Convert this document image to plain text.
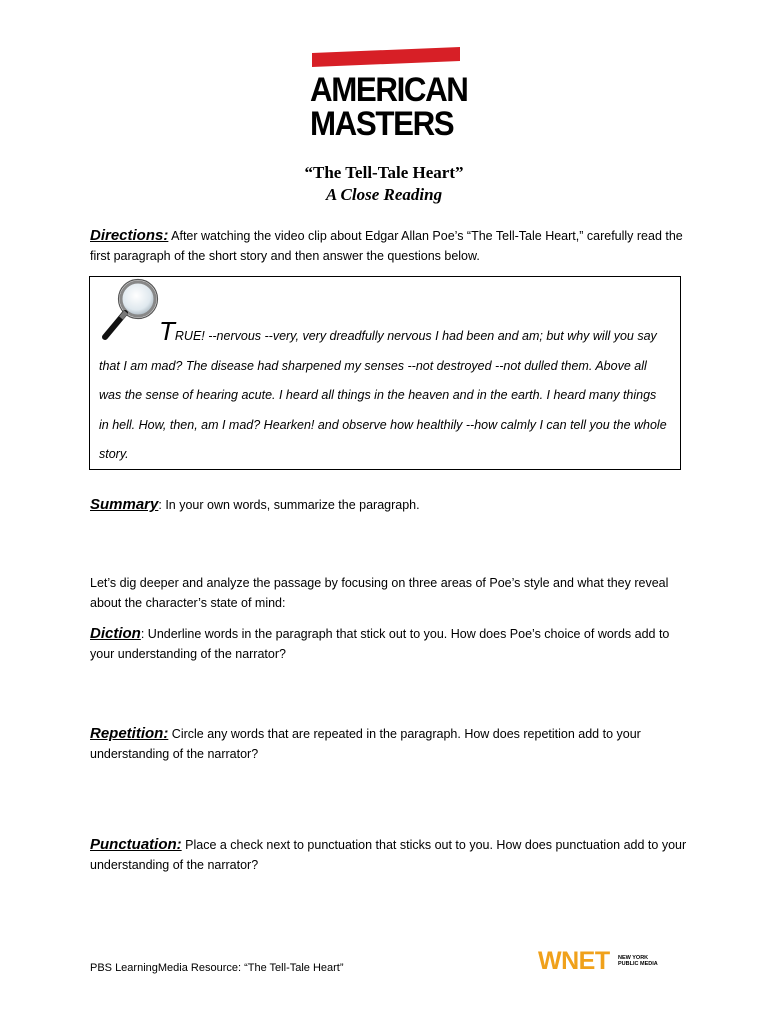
AMERICAN
MASTERS
“The Tell-Tale Heart”
A Close Reading
Directions: After watching the video clip about Edgar Allan Poe’s “The Tell-Tale Heart,” carefully read the first paragraph of the short story and then answer the questions below.
TRUE! --nervous --very, very dreadfully nervous I had been and am; but why will you say that I am mad? The disease had sharpened my senses --not destroyed --not dulled them. Above all was the sense of hearing acute. I heard all things in the heaven and in the earth. I heard many things in hell. How, then, am I mad? Hearken! and observe how healthily --how calmly I can tell you the whole story.
Summary: In your own words, summarize the paragraph.
Let’s dig deeper and analyze the passage by focusing on three areas of Poe’s style and what they reveal about the character’s state of mind:
Diction: Underline words in the paragraph that stick out to you. How does Poe’s choice of words add to your understanding of the narrator?
Repetition: Circle any words that are repeated in the paragraph. How does repetition add to your understanding of the narrator?
Punctuation: Place a check next to punctuation that sticks out to you. How does punctuation add to your understanding of the narrator?
PBS LearningMedia Resource: “The Tell-Tale Heart”	WNET NEW YORK PUBLIC MEDIA
